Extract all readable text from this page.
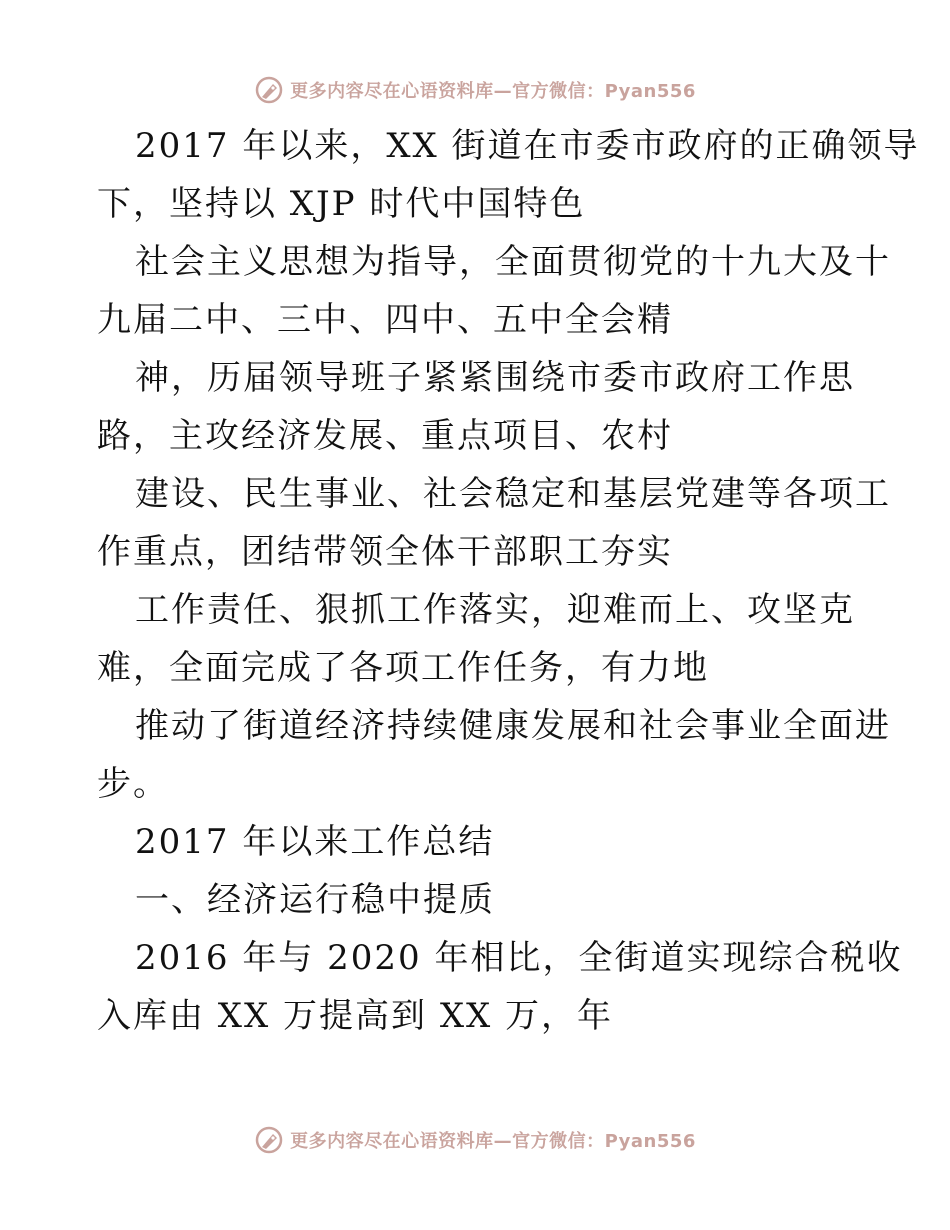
更多内容尽在心语资料库—官方微信：Pyan556
2017 年以来，XX 街道在市委市政府的正确领导
下，坚持以 XJP 时代中国特色
社会主义思想为指导，全面贯彻党的十九大及十
九届二中、三中、四中、五中全会精
神，历届领导班子紧紧围绕市委市政府工作思
路，主攻经济发展、重点项目、农村
建设、民生事业、社会稳定和基层党建等各项工
作重点，团结带领全体干部职工夯实
工作责任、狠抓工作落实，迎难而上、攻坚克
难，全面完成了各项工作任务，有力地
推动了街道经济持续健康发展和社会事业全面进
步。
2017 年以来工作总结
一、经济运行稳中提质
2016 年与 2020 年相比，全街道实现综合税收
入库由 XX 万提高到 XX 万，年
更多内容尽在心语资料库—官方微信：Pyan556
